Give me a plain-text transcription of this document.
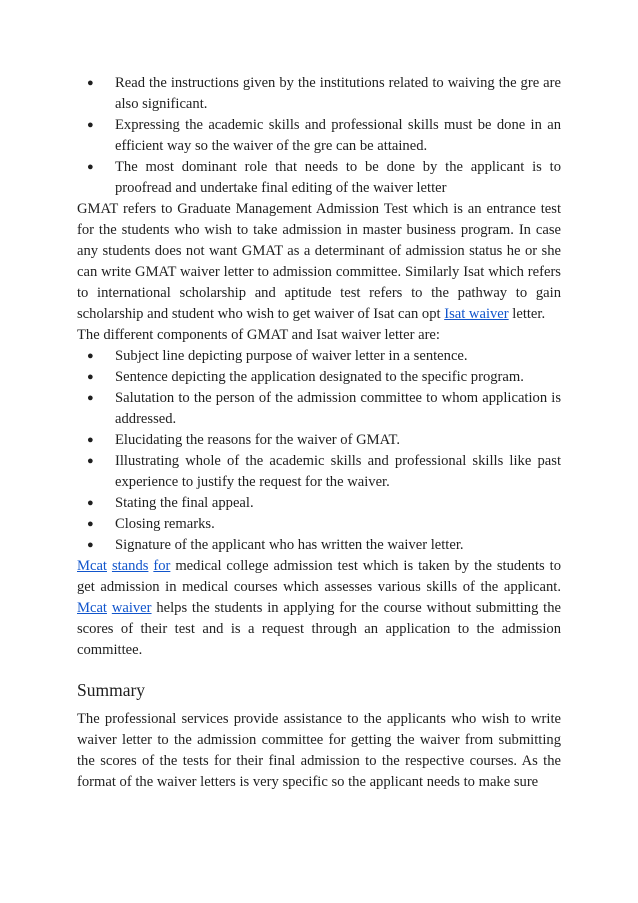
● Read the instructions given by the institutions related to waiving the gre are also significant.
● Expressing the academic skills and professional skills must be done in an efficient way so the waiver of the gre can be attained.
● The most dominant role that needs to be done by the applicant is to proofread and undertake final editing of the waiver letter

GMAT refers to Graduate Management Admission Test which is an entrance test for the students who wish to take admission in master business program. In case any students does not want GMAT as a determinant of admission status he or she can write GMAT waiver letter to admission committee. Similarly Isat which refers to international scholarship and aptitude test refers to the pathway to gain scholarship and student who wish to get waiver of Isat can opt Isat waiver letter.

The different components of GMAT and Isat waiver letter are:

● Subject line depicting purpose of waiver letter in a sentence.
● Sentence depicting the application designated to the specific program.
● Salutation to the person of the admission committee to whom application is addressed.
● Elucidating the reasons for the waiver of GMAT.
● Illustrating whole of the academic skills and professional skills like past experience to justify the request for the waiver.
● Stating the final appeal.
● Closing remarks.
● Signature of the applicant who has written the waiver letter.

Mcat stands for medical college admission test which is taken by the students to get admission in medical courses which assesses various skills of the applicant. Mcat waiver helps the students in applying for the course without submitting the scores of their test and is a request through an application to the admission committee.

Summary

The professional services provide assistance to the applicants who wish to write waiver letter to the admission committee for getting the waiver from submitting the scores of the tests for their final admission to the respective courses. As the format of the waiver letters is very specific so the applicant needs to make sure
